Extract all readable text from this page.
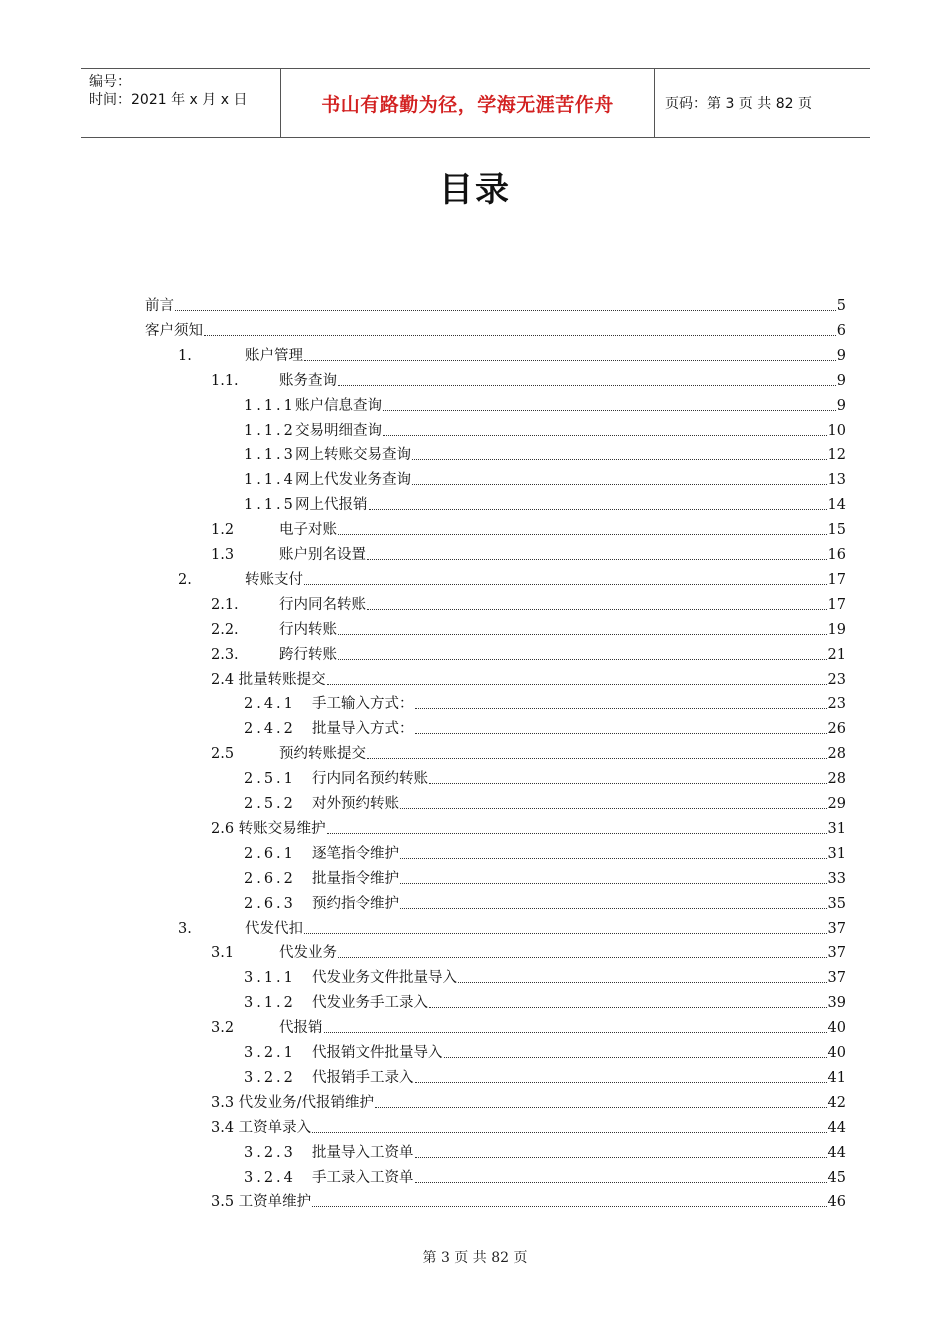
编号：
时间：2021 年 x 月 x 日	书山有路勤为径，学海无涯苦作舟	页码：第 3 页 共 82 页
目录
前言	5
客户须知	6
1.	账户管理	9
1.1.	账务查询	9
1.1.1 账户信息查询	9
1.1.2 交易明细查询	10
1.1.3 网上转账交易查询	12
1.1.4 网上代发业务查询	13
1.1.5 网上代报销	14
1.2	电子对账	15
1.3	账户别名设置	16
2.	转账支付	17
2.1.	行内同名转账	17
2.2.	行内转账	19
2.3.	跨行转账	21
2.4 批量转账提交	23
2.4.1	手工输入方式：	23
2.4.2	批量导入方式：	26
2.5	预约转账提交	28
2.5.1	行内同名预约转账	28
2.5.2	对外预约转账	29
2.6 转账交易维护	31
2.6.1	逐笔指令维护	31
2.6.2	批量指令维护	33
2.6.3	预约指令维护	35
3.	代发代扣	37
3.1	代发业务	37
3.1.1	代发业务文件批量导入	37
3.1.2	代发业务手工录入	39
3.2	代报销	40
3.2.1	代报销文件批量导入	40
3.2.2	代报销手工录入	41
3.3 代发业务/代报销维护	42
3.4 工资单录入	44
3.2.3	批量导入工资单	44
3.2.4	手工录入工资单	45
3.5 工资单维护	46
第 3 页 共 82 页
